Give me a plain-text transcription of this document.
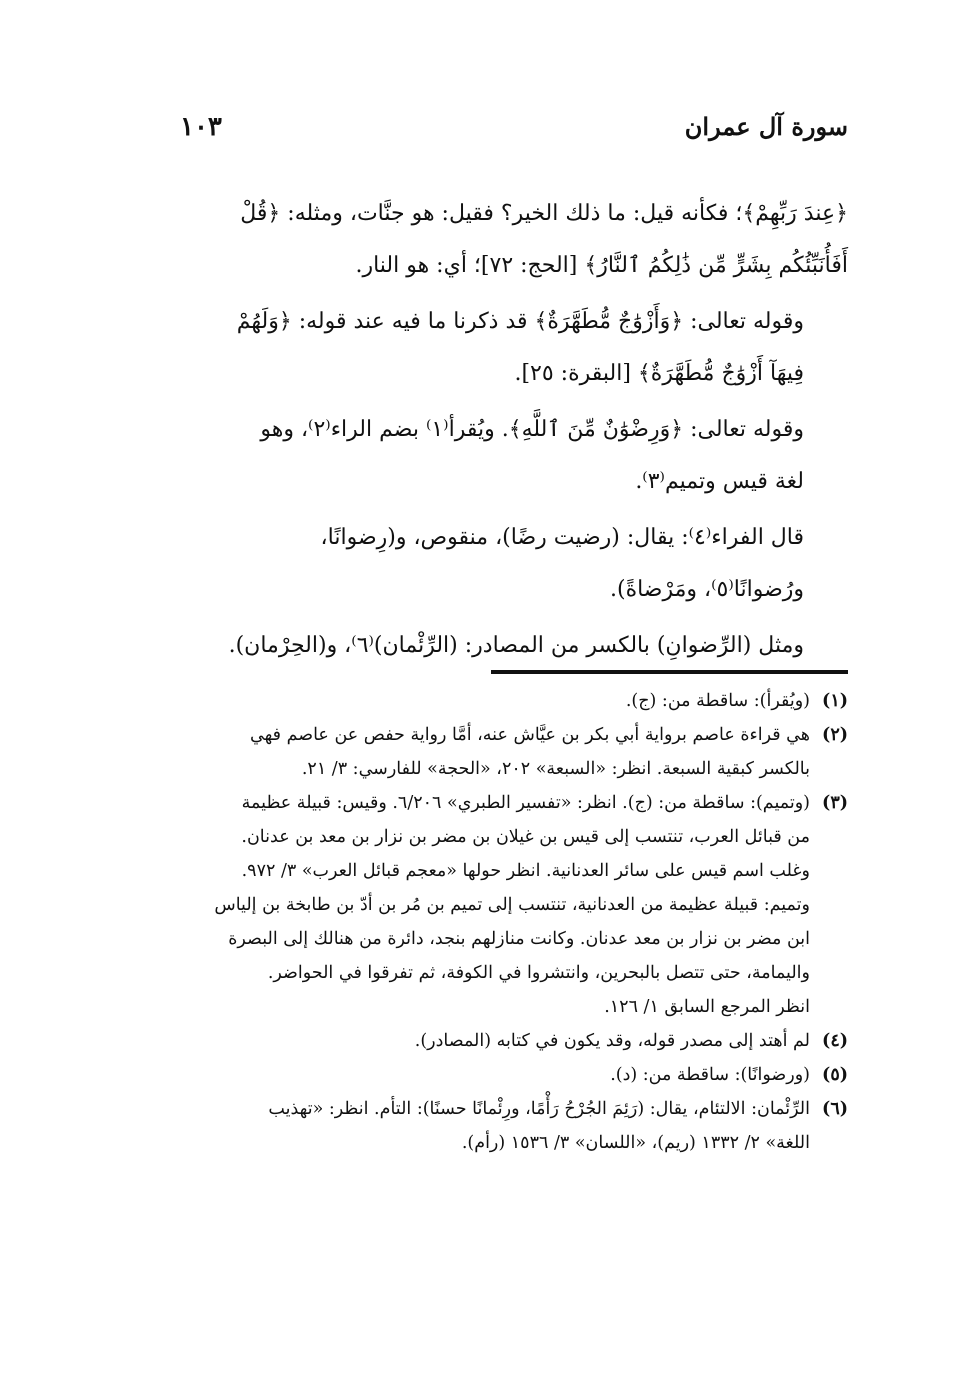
سورة آل عمران
١٠٣

﴿عِندَ رَبِّهِمْ﴾؛ فكأنه قيل: ما ذلك الخير؟ فقيل: هو جنَّات، ومثله: ﴿قُلْ
أَفَأُنَبِّئُكُم بِشَرٍّ مِّن ذَٰلِكُمُ ٱلنَّارُ﴾ [الحج: ٧٢]؛ أي: هو النار.

وقوله تعالى: ﴿وَأَزْوَٰجٌ مُّطَهَّرَةٌ﴾ قد ذكرنا ما فيه عند قوله: ﴿وَلَهُمْ
فِيهَآ أَزْوَٰجٌ مُّطَهَّرَةٌ﴾ [البقرة: ٢٥].

وقوله تعالى: ﴿وَرِضْوَٰنٌ مِّنَ ٱللَّهِ﴾. ويُقرأ⁽١⁾ بضم الراء⁽٢⁾، وهو
لغة قيس وتميم⁽٣⁾.

قال الفراء⁽٤⁾: يقال: (رضيت رضًا)، منقوص، و(رِضوانًا،
ورُضوانًا⁽٥⁾، ومَرْضاةً).

ومثل (الرِّضوانِ) بالكسر من المصادر: (الرِّئْمان)⁽٦⁾، و(الحِرْمان).

(١)
(ويُقرأ): ساقطة من: (ج).
(٢)
هي قراءة عاصم برواية أبي بكر بن عيَّاش عنه، أمَّا رواية حفص عن عاصم فهي
بالكسر كبقية السبعة. انظر: «السبعة» ٢٠٢، «الحجة» للفارسي: ٣/ ٢١.
(٣)
(وتميم): ساقطة من: (ج). انظر: «تفسير الطبري» ٦/٢٠٦. وقيس: قبيلة عظيمة
من قبائل العرب، تنتسب إلى قيس بن غيلان بن مضر بن نزار بن معد بن عدنان.
وغلب اسم قيس على سائر العدنانية. انظر حولها «معجم قبائل العرب» ٣/ ٩٧٢.
وتميم: قبيلة عظيمة من العدنانية، تنتسب إلى تميم بن مُر بن أدّ بن طابخة بن إلياس
ابن مضر بن نزار بن معد عدنان. وكانت منازلهم بنجد، دائرة من هنالك إلى البصرة
واليمامة، حتى تتصل بالبحرين، وانتشروا في الكوفة، ثم تفرقوا في الحواضر.
انظر المرجع السابق ١/ ١٢٦.
(٤)
لم أهتد إلى مصدر قوله، وقد يكون في كتابه (المصادر).
(٥)
(ورضوانًا): ساقطة من: (د).
(٦)
الرِّئْمان: الالتئام، يقال: (رَئِمَ الجُرْحُ رَأْمًا، ورِئْمانًا حسنًا): التأم. انظر: «تهذيب
اللغة» ٢/ ١٣٣٢ (ريم)، «اللسان» ٣/ ١٥٣٦ (رأم).
